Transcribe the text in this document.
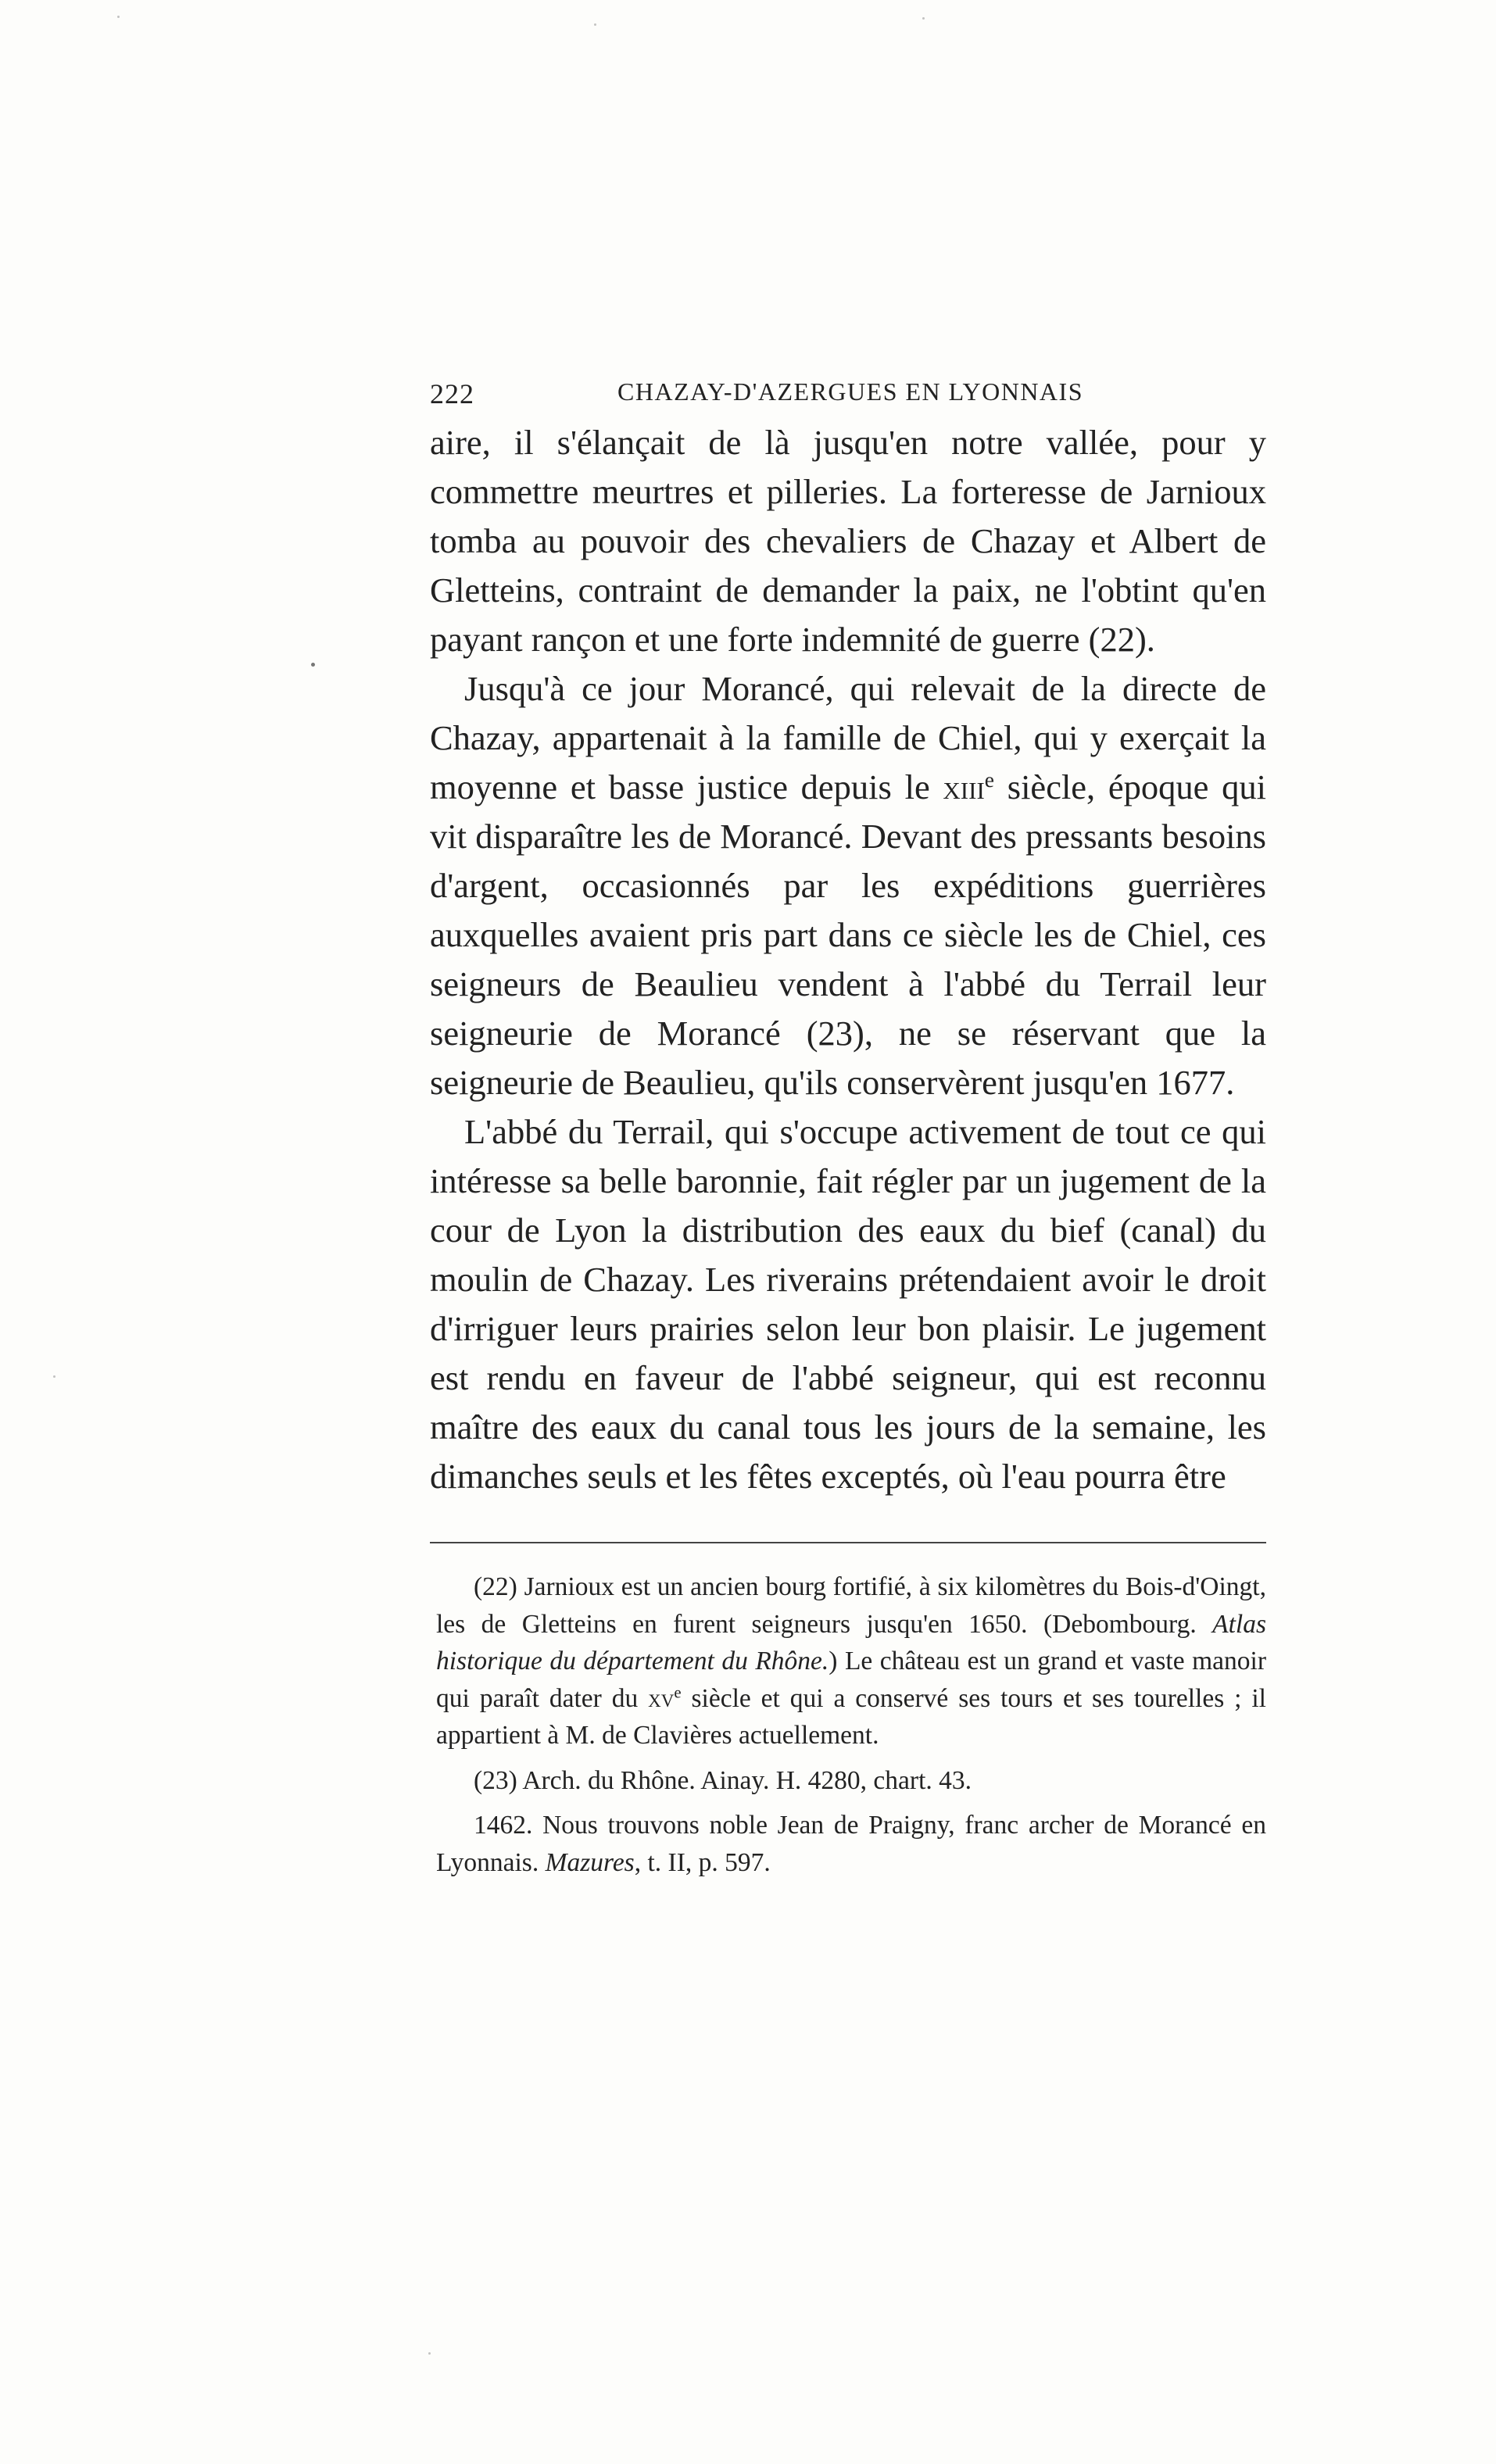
222	CHAZAY-D'AZERGUES EN LYONNAIS

aire, il s'élançait de là jusqu'en notre vallée, pour y commettre meurtres et pilleries. La forteresse de Jarnioux tomba au pouvoir des chevaliers de Chazay et Albert de Gletteins, contraint de demander la paix, ne l'obtint qu'en payant rançon et une forte indemnité de guerre (22).

Jusqu'à ce jour Morancé, qui relevait de la directe de Chazay, appartenait à la famille de Chiel, qui y exerçait la moyenne et basse justice depuis le xiii$^e$ siècle, époque qui vit disparaître les de Morancé. Devant des pressants besoins d'argent, occasionnés par les expéditions guerrières auxquelles avaient pris part dans ce siècle les de Chiel, ces seigneurs de Beaulieu vendent à l'abbé du Terrail leur seigneurie de Morancé (23), ne se réservant que la seigneurie de Beaulieu, qu'ils conservèrent jusqu'en 1677.

L'abbé du Terrail, qui s'occupe activement de tout ce qui intéresse sa belle baronnie, fait régler par un jugement de la cour de Lyon la distribution des eaux du bief (canal) du moulin de Chazay. Les riverains prétendaient avoir le droit d'irriguer leurs prairies selon leur bon plaisir. Le jugement est rendu en faveur de l'abbé seigneur, qui est reconnu maître des eaux du canal tous les jours de la semaine, les dimanches seuls et les fêtes exceptés, où l'eau pourra être

(22) Jarnioux est un ancien bourg fortifié, à six kilomètres du Bois-d'Oingt, les de Gletteins en furent seigneurs jusqu'en 1650. (Debombourg. Atlas historique du département du Rhône.) Le château est un grand et vaste manoir qui paraît dater du $xv^e$ siècle et qui a conservé ses tours et ses tourelles ; il appartient à M. de Clavières actuellement.

(23) Arch. du Rhône. Ainay. H. 4280, chart. 43.

1462. Nous trouvons noble Jean de Praigny, franc archer de Morancé en Lyonnais. Mazures, t. II, p. 597.
